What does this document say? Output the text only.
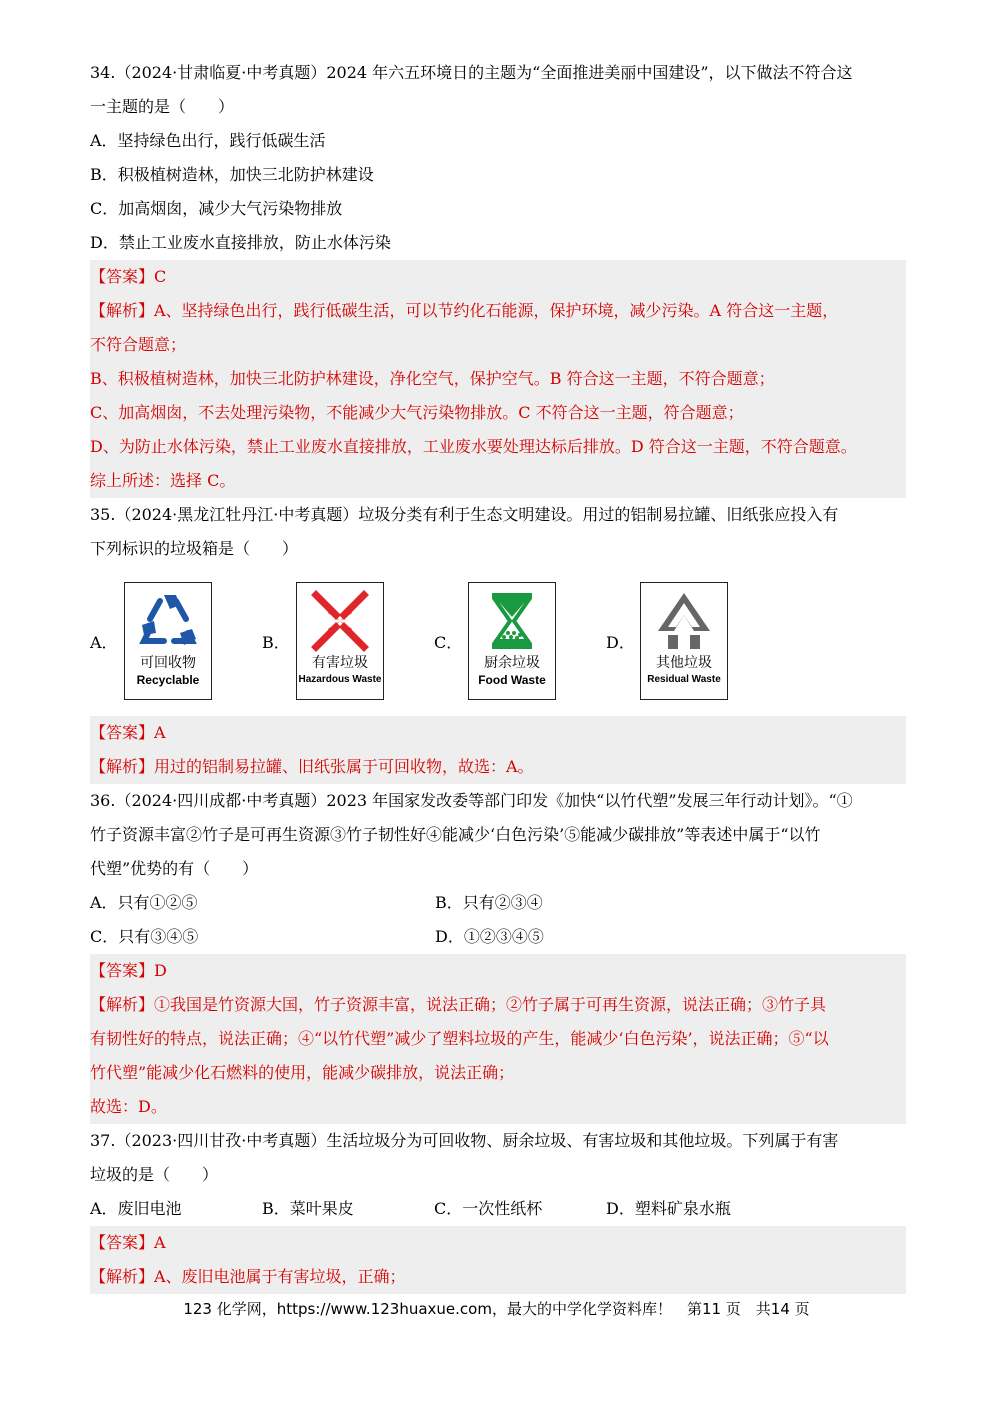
34.（2024·甘肃临夏·中考真题）2024 年六五环境日的主题为“全面推进美丽中国建设”，以下做法不符合这
一主题的是（　　）
A．坚持绿色出行，践行低碳生活
B．积极植树造林，加快三北防护林建设
C．加高烟囱，减少大气污染物排放
D．禁止工业废水直接排放，防止水体污染
【答案】C
【解析】A、坚持绿色出行，践行低碳生活，可以节约化石能源，保护环境，减少污染。A 符合这一主题，
不符合题意；
B、积极植树造林，加快三北防护林建设，净化空气，保护空气。B 符合这一主题，不符合题意；
C、加高烟囱，不去处理污染物，不能减少大气污染物排放。C 不符合这一主题，符合题意；
D、为防止水体污染，禁止工业废水直接排放，工业废水要处理达标后排放。D 符合这一主题，不符合题意。
综上所述：选择 C。
35.（2024·黑龙江牡丹江·中考真题）垃圾分类有利于生态文明建设。用过的铝制易拉罐、旧纸张应投入有
下列标识的垃圾箱是（　　）
A．
可回收物
Recyclable
B．
有害垃圾
Hazardous Waste
C．
厨余垃圾
Food Waste
D．
其他垃圾
Residual Waste
【答案】A
【解析】用过的铝制易拉罐、旧纸张属于可回收物，故选：A。
36.（2024·四川成都·中考真题）2023 年国家发改委等部门印发《加快“以竹代塑”发展三年行动计划》。“①
竹子资源丰富②竹子是可再生资源③竹子韧性好④能减少‘白色污染’⑤能减少碳排放”等表述中属于“以竹
代塑”优势的有（　　）
A．只有①②⑤	B．只有②③④
C．只有③④⑤	D．①②③④⑤
【答案】D
【解析】①我国是竹资源大国，竹子资源丰富，说法正确；②竹子属于可再生资源，说法正确；③竹子具
有韧性好的特点，说法正确；④“以竹代塑”减少了塑料垃圾的产生，能减少‘白色污染’，说法正确；⑤“以
竹代塑”能减少化石燃料的使用，能减少碳排放，说法正确；
故选：D。
37.（2023·四川甘孜·中考真题）生活垃圾分为可回收物、厨余垃圾、有害垃圾和其他垃圾。下列属于有害
垃圾的是（　　）
A．废旧电池	B．菜叶果皮	C．一次性纸杯	D．塑料矿泉水瓶
【答案】A
【解析】A、废旧电池属于有害垃圾，正确；
123 化学网，https://www.123huaxue.com，最大的中学化学资料库！　第11 页　共14 页
